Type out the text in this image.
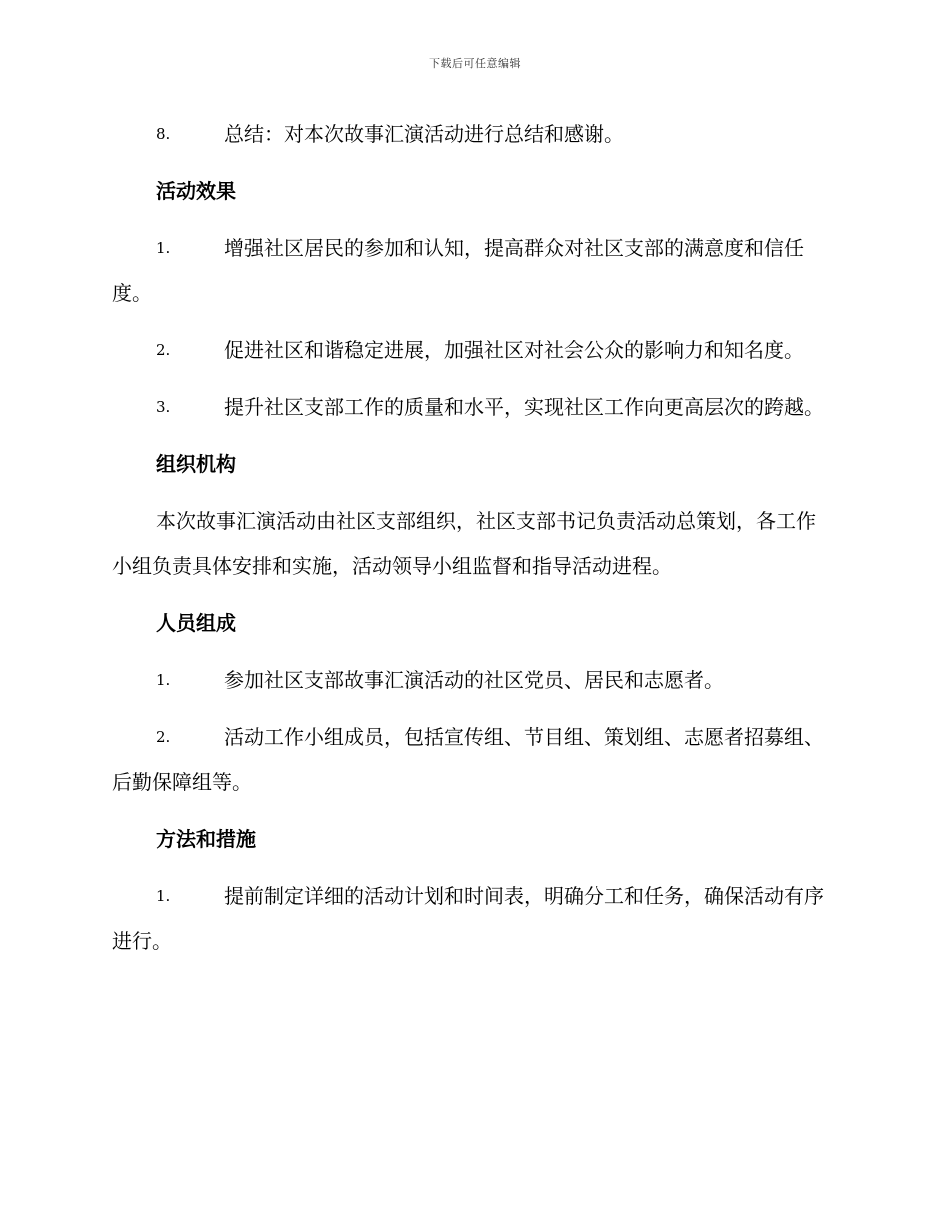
下载后可任意编辑
8.	总结：对本次故事汇演活动进行总结和感谢。
活动效果
1.	增强社区居民的参加和认知，提高群众对社区支部的满意度和信任度。
2.	促进社区和谐稳定进展，加强社区对社会公众的影响力和知名度。
3.	提升社区支部工作的质量和水平，实现社区工作向更高层次的跨越。
组织机构
本次故事汇演活动由社区支部组织，社区支部书记负责活动总策划，各工作小组负责具体安排和实施，活动领导小组监督和指导活动进程。
人员组成
1.	参加社区支部故事汇演活动的社区党员、居民和志愿者。
2.	活动工作小组成员，包括宣传组、节目组、策划组、志愿者招募组、后勤保障组等。
方法和措施
1.	提前制定详细的活动计划和时间表，明确分工和任务，确保活动有序进行。
